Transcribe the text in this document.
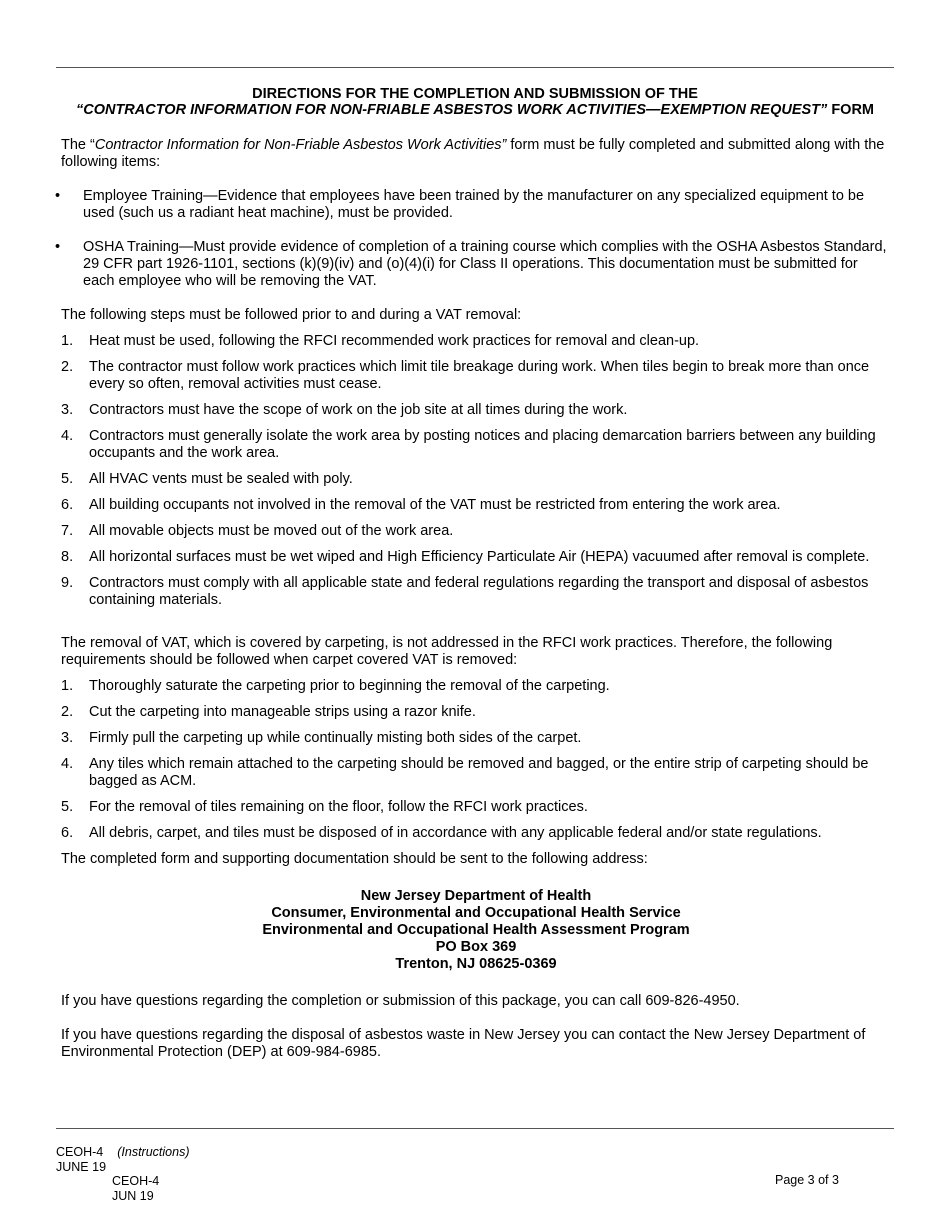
DIRECTIONS FOR THE COMPLETION AND SUBMISSION OF THE
“CONTRACTOR INFORMATION FOR NON-FRIABLE ASBESTOS WORK ACTIVITIES—EXEMPTION REQUEST” FORM

The “Contractor Information for Non-Friable Asbestos Work Activities” form must be fully completed and submitted along with the following items:

• Employee Training—Evidence that employees have been trained by the manufacturer on any specialized equipment to be used (such us a radiant heat machine), must be provided.
• OSHA Training—Must provide evidence of completion of a training course which complies with the OSHA Asbestos Standard, 29 CFR part 1926-1101, sections (k)(9)(iv) and (o)(4)(i) for Class II operations. This documentation must be submitted for each employee who will be removing the VAT.

The following steps must be followed prior to and during a VAT removal:

1. Heat must be used, following the RFCI recommended work practices for removal and clean-up.
2. The contractor must follow work practices which limit tile breakage during work. When tiles begin to break more than once every so often, removal activities must cease.
3. Contractors must have the scope of work on the job site at all times during the work.
4. Contractors must generally isolate the work area by posting notices and placing demarcation barriers between any building occupants and the work area.
5. All HVAC vents must be sealed with poly.
6. All building occupants not involved in the removal of the VAT must be restricted from entering the work area.
7. All movable objects must be moved out of the work area.
8. All horizontal surfaces must be wet wiped and High Efficiency Particulate Air (HEPA) vacuumed after removal is complete.
9. Contractors must comply with all applicable state and federal regulations regarding the transport and disposal of asbestos containing materials.

The removal of VAT, which is covered by carpeting, is not addressed in the RFCI work practices. Therefore, the following requirements should be followed when carpet covered VAT is removed:

1. Thoroughly saturate the carpeting prior to beginning the removal of the carpeting.
2. Cut the carpeting into manageable strips using a razor knife.
3. Firmly pull the carpeting up while continually misting both sides of the carpet.
4. Any tiles which remain attached to the carpeting should be removed and bagged, or the entire strip of carpeting should be bagged as ACM.
5. For the removal of tiles remaining on the floor, follow the RFCI work practices.
6. All debris, carpet, and tiles must be disposed of in accordance with any applicable federal and/or state regulations.

The completed form and supporting documentation should be sent to the following address:

New Jersey Department of Health
Consumer, Environmental and Occupational Health Service
Environmental and Occupational Health Assessment Program
PO Box 369
Trenton, NJ 08625-0369

If you have questions regarding the completion or submission of this package, you can call 609-826-4950.

If you have questions regarding the disposal of asbestos waste in New Jersey you can contact the New Jersey Department of Environmental Protection (DEP) at 609-984-6985.

CEOH-4 (Instructions)
JUNE 19
CEOH-4
JUN 19
Page 3 of 3
